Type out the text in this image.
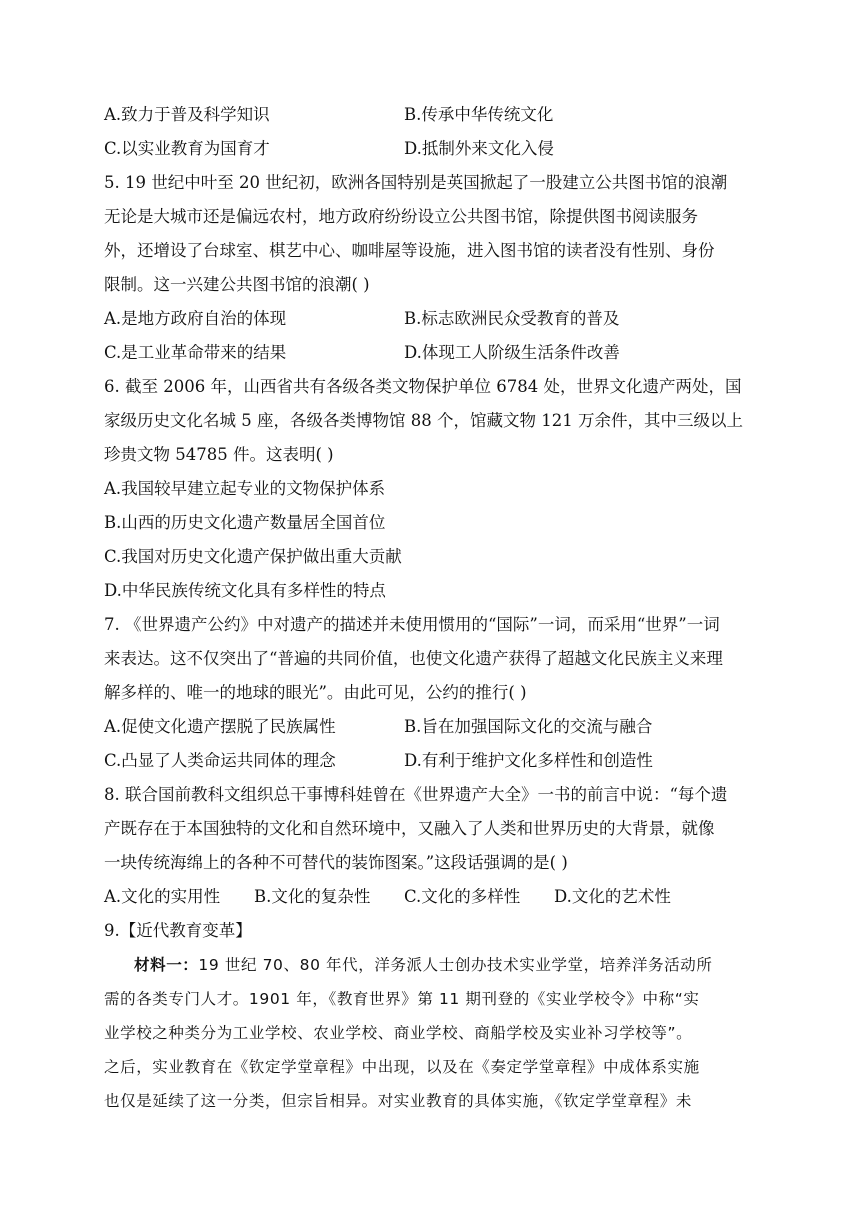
A.致力于普及科学知识	B.传承中华传统文化
C.以实业教育为国育才	D.抵制外来文化入侵
5. 19 世纪中叶至 20 世纪初，欧洲各国特别是英国掀起了一股建立公共图书馆的浪潮
无论是大城市还是偏远农村，地方政府纷纷设立公共图书馆，除提供图书阅读服务
外，还增设了台球室、棋艺中心、咖啡屋等设施，进入图书馆的读者没有性别、身份
限制。这一兴建公共图书馆的浪潮( )
A.是地方政府自治的体现	B.标志欧洲民众受教育的普及
C.是工业革命带来的结果	D.体现工人阶级生活条件改善
6. 截至 2006 年，山西省共有各级各类文物保护单位 6784 处，世界文化遗产两处，国
家级历史文化名城 5 座，各级各类博物馆 88 个，馆藏文物 121 万余件，其中三级以上
珍贵文物 54785 件。这表明( )
A.我国较早建立起专业的文物保护体系
B.山西的历史文化遗产数量居全国首位
C.我国对历史文化遗产保护做出重大贡献
D.中华民族传统文化具有多样性的特点
7. 《世界遗产公约》中对遗产的描述并未使用惯用的“国际”一词，而采用“世界”一词
来表达。这不仅突出了“普遍的共同价值，也使文化遗产获得了超越文化民族主义来理
解多样的、唯一的地球的眼光”。由此可见，公约的推行( )
A.促使文化遗产摆脱了民族属性	B.旨在加强国际文化的交流与融合
C.凸显了人类命运共同体的理念	D.有利于维护文化多样性和创造性
8. 联合国前教科文组织总干事博科娃曾在《世界遗产大全》一书的前言中说：“每个遗
产既存在于本国独特的文化和自然环境中，又融入了人类和世界历史的大背景，就像
一块传统海绵上的各种不可替代的装饰图案。”这段话强调的是( )
A.文化的实用性 B.文化的复杂性 C.文化的多样性 D.文化的艺术性
9.【近代教育变革】
材料一：19 世纪 70、80 年代，洋务派人士创办技术实业学堂，培养洋务活动所
需的各类专门人才。1901 年，《教育世界》第 11 期刊登的《实业学校令》中称“实
业学校之种类分为工业学校、农业学校、商业学校、商船学校及实业补习学校等”。
之后，实业教育在《钦定学堂章程》中出现，以及在《奏定学堂章程》中成体系实施
也仅是延续了这一分类，但宗旨相异。对实业教育的具体实施，《钦定学堂章程》未
